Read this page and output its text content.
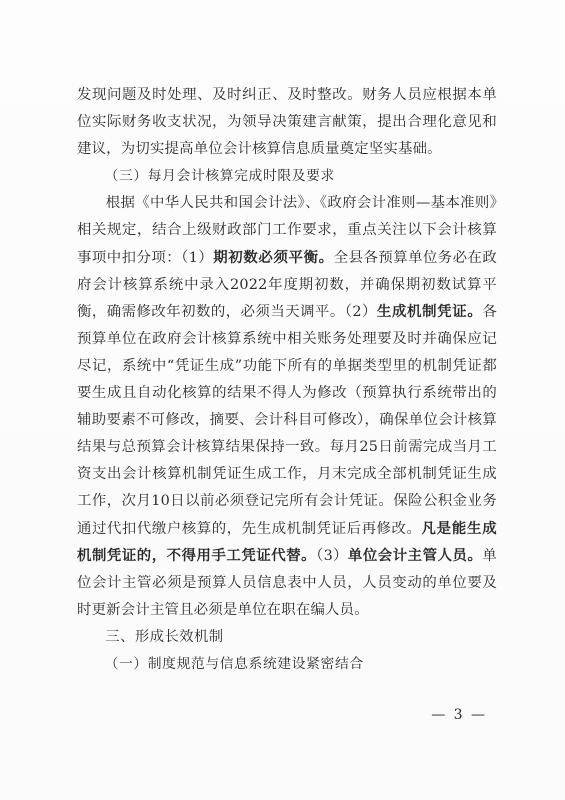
发现问题及时处理、及时纠正、及时整改。财务人员应根据本单位实际财务收支状况，为领导决策建言献策，提出合理化意见和建议，为切实提高单位会计核算信息质量奠定坚实基础。

（三）每月会计核算完成时限及要求

根据《中华人民共和国会计法》、《政府会计准则—基本准则》相关规定，结合上级财政部门工作要求，重点关注以下会计核算事项中扣分项：（1）期初数必须平衡。全县各预算单位务必在政府会计核算系统中录入2022年度期初数，并确保期初数试算平衡，确需修改年初数的，必须当天调平。（2）生成机制凭证。各预算单位在政府会计核算系统中相关账务处理要及时并确保应记尽记，系统中“凭证生成”功能下所有的单据类型里的机制凭证都要生成且自动化核算的结果不得人为修改（预算执行系统带出的辅助要素不可修改，摘要、会计科目可修改），确保单位会计核算结果与总预算会计核算结果保持一致。每月25日前需完成当月工资支出会计核算机制凭证生成工作，月末完成全部机制凭证生成工作，次月10日以前必须登记完所有会计凭证。保险公积金业务通过代扣代缴户核算的，先生成机制凭证后再修改。凡是能生成机制凭证的，不得用手工凭证代替。（3）单位会计主管人员。单位会计主管必须是预算人员信息表中人员，人员变动的单位要及时更新会计主管且必须是单位在职在编人员。

三、形成长效机制

（一）制度规范与信息系统建设紧密结合

— 3 —
